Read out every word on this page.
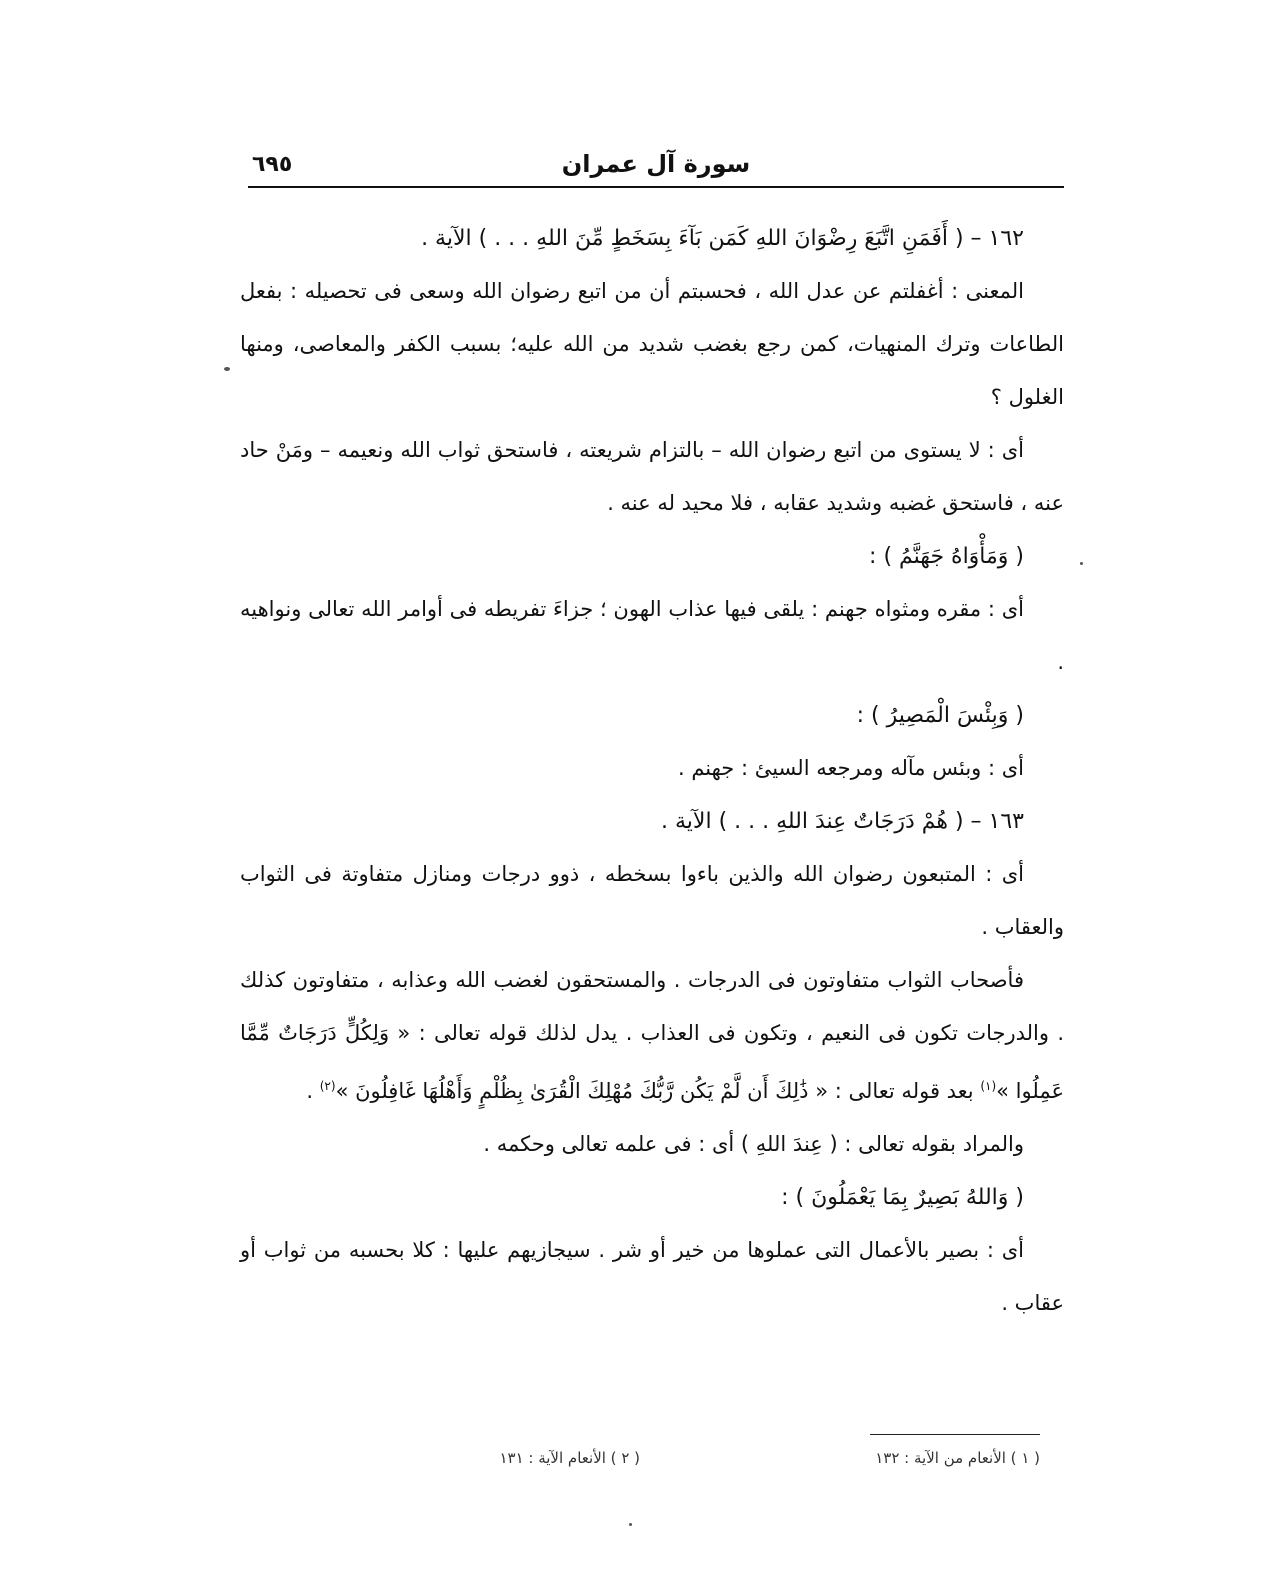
٦٩٥	سورة آل عمران

١٦٢ – ( أَفَمَنِ اتَّبَعَ رِضْوَانَ اللهِ كَمَن بَآءَ بِسَخَطٍ مِّنَ اللهِ . . . ) الآية .

المعنى : أغفلتم عن عدل الله ، فحسبتم أن من اتبع رضوان الله وسعى فى تحصيله : بفعل الطاعات وترك المنهيات، كمن رجع بغضب شديد من الله عليه؛ بسبب الكفر والمعاصى، ومنها الغلول ؟

أى : لا يستوى من اتبع رضوان الله – بالتزام شريعته ، فاستحق ثواب الله ونعيمه – ومَنْ حاد عنه ، فاستحق غضبه وشديد عقابه ، فلا محيد له عنه .

( وَمَأْوَاهُ جَهَنَّمُ ) :

أى : مقره ومثواه جهنم : يلقى فيها عذاب الهون ؛ جزاءَ تفريطه فى أوامر الله تعالى ونواهيه .

( وَبِئْسَ الْمَصِيرُ ) :

أى : وبئس مآله ومرجعه السيئ : جهنم .

١٦٣ – ( هُمْ دَرَجَاتٌ عِندَ اللهِ . . . ) الآية .

أى : المتبعون رضوان الله والذين باءوا بسخطه ، ذوو درجات ومنازل متفاوتة فى الثواب والعقاب .

فأصحاب الثواب متفاوتون فى الدرجات . والمستحقون لغضب الله وعذابه ، متفاوتون كذلك . والدرجات تكون فى النعيم ، وتكون فى العذاب . يدل لذلك قوله تعالى : « وَلِكُلٍّ دَرَجَاتٌ مِّمَّا عَمِلُوا »$^{(١)}$ بعد قوله تعالى : « ذَٰلِكَ أَن لَّمْ يَكُن رَّبُّكَ مُهْلِكَ الْقُرَىٰ بِظُلْمٍ وَأَهْلُهَا غَافِلُونَ »$^{(٢)}$ .

والمراد بقوله تعالى : ( عِندَ اللهِ ) أى : فى علمه تعالى وحكمه .

( وَاللهُ بَصِيرٌ بِمَا يَعْمَلُونَ ) :

أى : بصير بالأعمال التى عملوها من خير أو شر . سيجازيهم عليها : كلا بحسبه من ثواب أو عقاب .

( ١ ) الأنعام من الآية : ١٣٢
( ٢ ) الأنعام الآية : ١٣١
